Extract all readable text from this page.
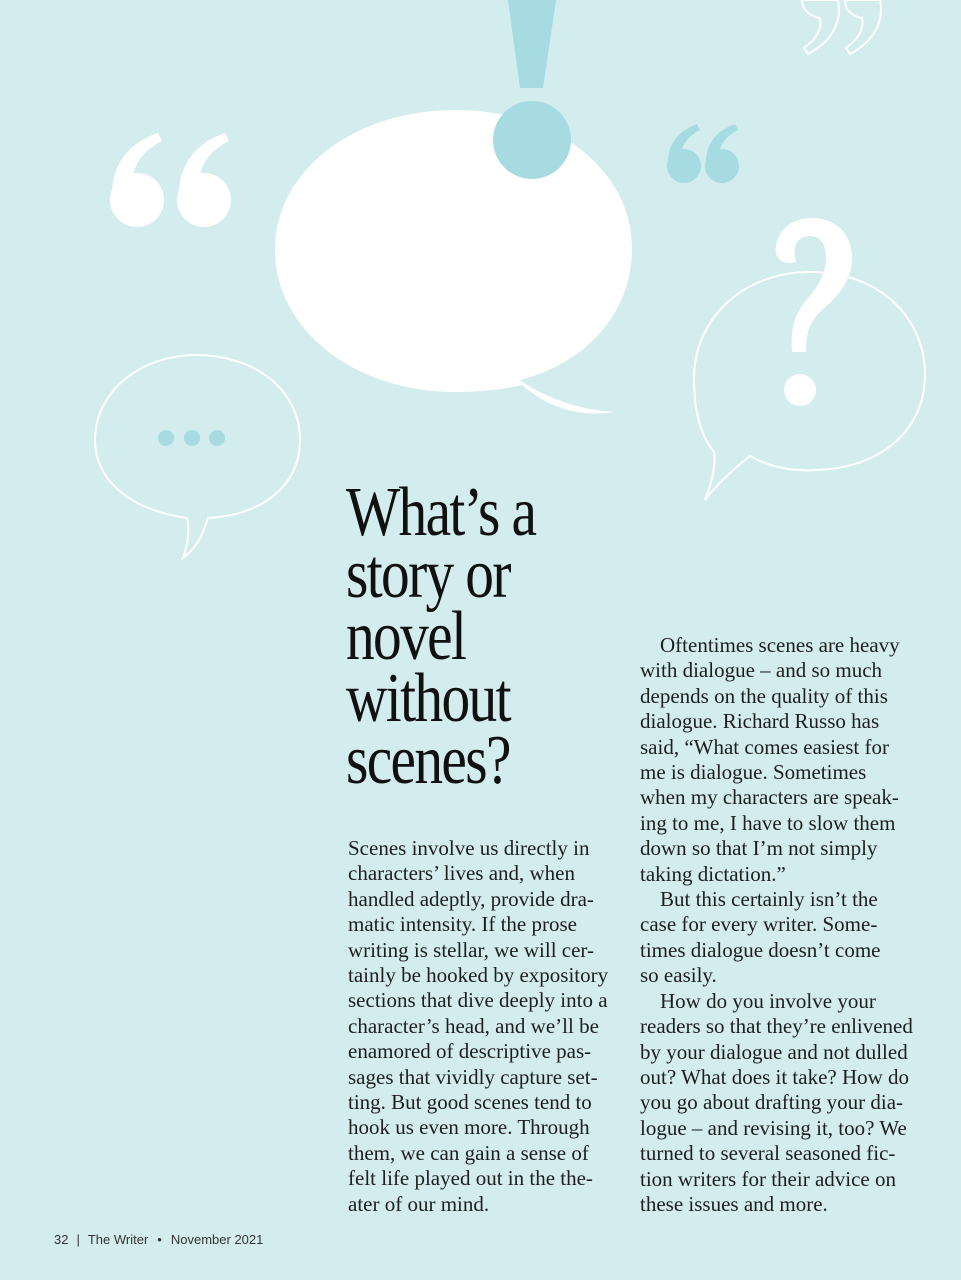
What’s a
story or
novel
without
scenes?
Scenes involve us directly in
characters’ lives and, when
handled adeptly, provide dra-
matic intensity. If the prose
writing is stellar, we will cer-
tainly be hooked by expository
sections that dive deeply into a
character’s head, and we’ll be
enamored of descriptive pas-
sages that vividly capture set-
ting. But good scenes tend to
hook us even more. Through
them, we can gain a sense of
felt life played out in the the-
ater of our mind.
Oftentimes scenes are heavy
with dialogue – and so much
depends on the quality of this
dialogue. Richard Russo has
said, “What comes easiest for
me is dialogue. Sometimes
when my characters are speak-
ing to me, I have to slow them
down so that I’m not simply
taking dictation.”
But this certainly isn’t the
case for every writer. Some-
times dialogue doesn’t come
so easily.
How do you involve your
readers so that they’re enlivened
by your dialogue and not dulled
out? What does it take? How do
you go about drafting your dia-
logue – and revising it, too? We
turned to several seasoned fic-
tion writers for their advice on
these issues and more.
32 | The Writer • November 2021
